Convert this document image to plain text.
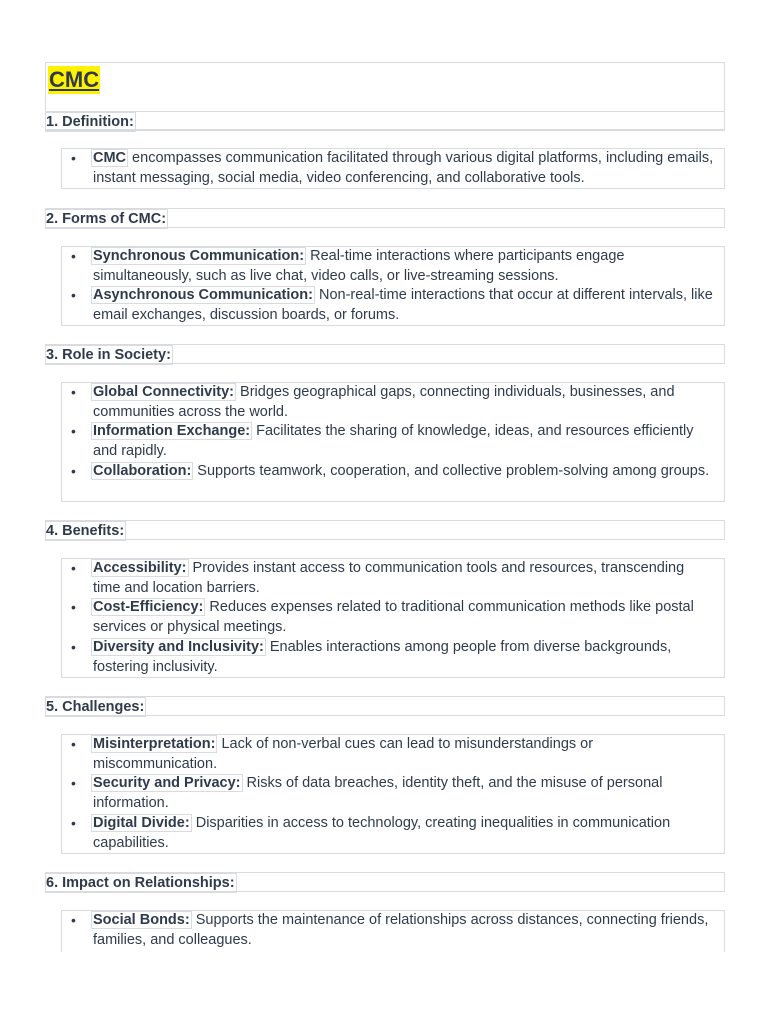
CMC
1. Definition:
• CMC encompasses communication facilitated through various digital platforms, including emails, instant messaging, social media, video conferencing, and collaborative tools.
2. Forms of CMC:
• Synchronous Communication: Real-time interactions where participants engage simultaneously, such as live chat, video calls, or live-streaming sessions.
• Asynchronous Communication: Non-real-time interactions that occur at different intervals, like email exchanges, discussion boards, or forums.
3. Role in Society:
• Global Connectivity: Bridges geographical gaps, connecting individuals, businesses, and communities across the world.
• Information Exchange: Facilitates the sharing of knowledge, ideas, and resources efficiently and rapidly.
• Collaboration: Supports teamwork, cooperation, and collective problem-solving among groups.
4. Benefits:
• Accessibility: Provides instant access to communication tools and resources, transcending time and location barriers.
• Cost-Efficiency: Reduces expenses related to traditional communication methods like postal services or physical meetings.
• Diversity and Inclusivity: Enables interactions among people from diverse backgrounds, fostering inclusivity.
5. Challenges:
• Misinterpretation: Lack of non-verbal cues can lead to misunderstandings or miscommunication.
• Security and Privacy: Risks of data breaches, identity theft, and the misuse of personal information.
• Digital Divide: Disparities in access to technology, creating inequalities in communication capabilities.
6. Impact on Relationships:
• Social Bonds: Supports the maintenance of relationships across distances, connecting friends, families, and colleagues.
